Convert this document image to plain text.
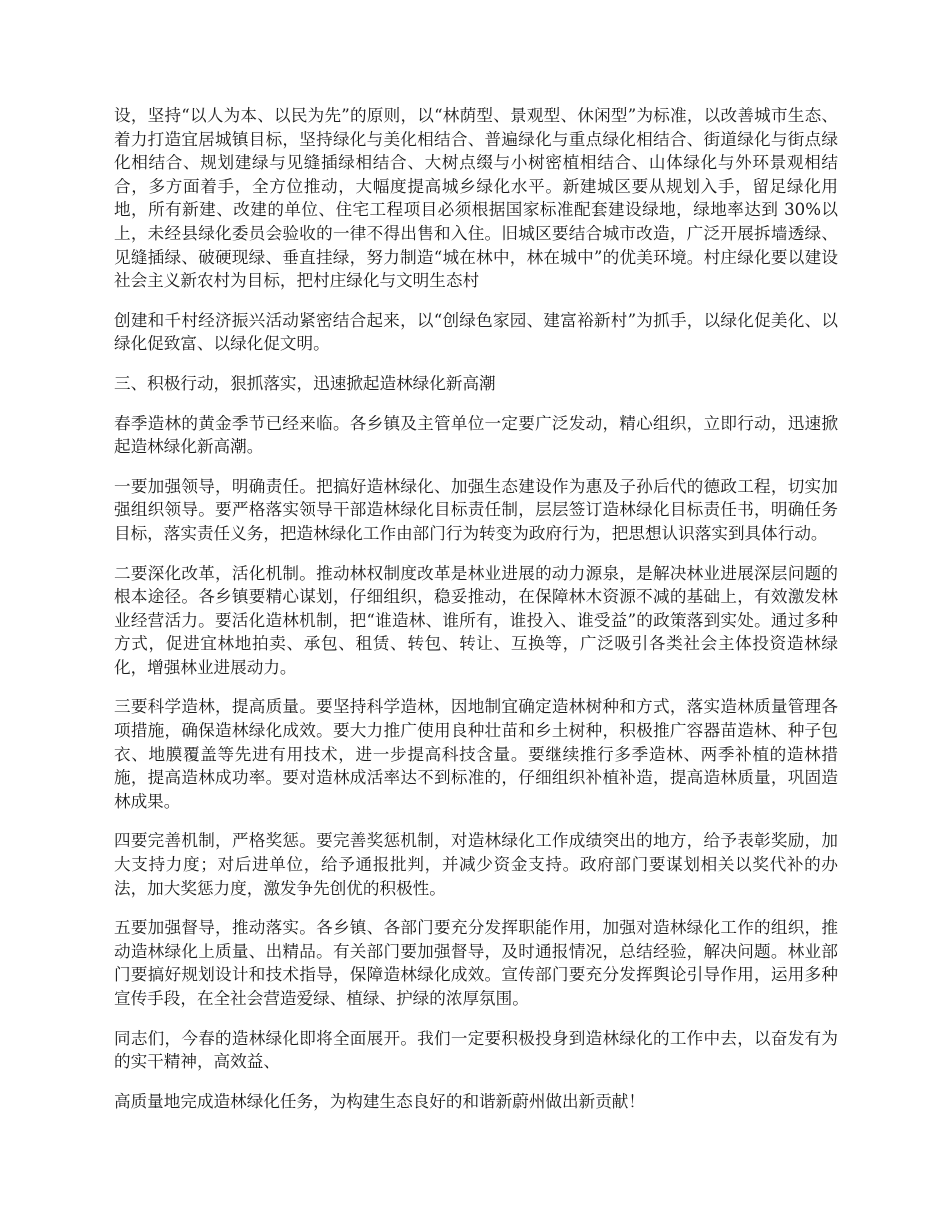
设，坚持“以人为本、以民为先”的原则，以“林荫型、景观型、休闲型”为标准，以改善城市生态、着力打造宜居城镇目标，坚持绿化与美化相结合、普遍绿化与重点绿化相结合、街道绿化与街点绿化相结合、规划建绿与见缝插绿相结合、大树点缀与小树密植相结合、山体绿化与外环景观相结合，多方面着手，全方位推动，大幅度提高城乡绿化水平。新建城区要从规划入手，留足绿化用地，所有新建、改建的单位、住宅工程项目必须根据国家标准配套建设绿地，绿地率达到 30%以上，未经县绿化委员会验收的一律不得出售和入住。旧城区要结合城市改造，广泛开展拆墙透绿、见缝插绿、破硬现绿、垂直挂绿，努力制造“城在林中，林在城中”的优美环境。村庄绿化要以建设社会主义新农村为目标，把村庄绿化与文明生态村

创建和千村经济振兴活动紧密结合起来，以“创绿色家园、建富裕新村”为抓手，以绿化促美化、以绿化促致富、以绿化促文明。

三、积极行动，狠抓落实，迅速掀起造林绿化新高潮

春季造林的黄金季节已经来临。各乡镇及主管单位一定要广泛发动，精心组织，立即行动，迅速掀起造林绿化新高潮。

一要加强领导，明确责任。把搞好造林绿化、加强生态建设作为惠及子孙后代的德政工程，切实加强组织领导。要严格落实领导干部造林绿化目标责任制，层层签订造林绿化目标责任书，明确任务目标，落实责任义务，把造林绿化工作由部门行为转变为政府行为，把思想认识落实到具体行动。

二要深化改革，活化机制。推动林权制度改革是林业进展的动力源泉，是解决林业进展深层问题的根本途径。各乡镇要精心谋划，仔细组织，稳妥推动，在保障林木资源不减的基础上，有效激发林业经营活力。要活化造林机制，把“谁造林、谁所有，谁投入、谁受益”的政策落到实处。通过多种方式，促进宜林地拍卖、承包、租赁、转包、转让、互换等，广泛吸引各类社会主体投资造林绿化，增强林业进展动力。

三要科学造林，提高质量。要坚持科学造林，因地制宜确定造林树种和方式，落实造林质量管理各项措施，确保造林绿化成效。要大力推广使用良种壮苗和乡土树种，积极推广容器苗造林、种子包衣、地膜覆盖等先进有用技术，进一步提高科技含量。要继续推行多季造林、两季补植的造林措施，提高造林成功率。要对造林成活率达不到标准的，仔细组织补植补造，提高造林质量，巩固造林成果。

四要完善机制，严格奖惩。要完善奖惩机制，对造林绿化工作成绩突出的地方，给予表彰奖励，加大支持力度；对后进单位，给予通报批判，并减少资金支持。政府部门要谋划相关以奖代补的办法，加大奖惩力度，激发争先创优的积极性。

五要加强督导，推动落实。各乡镇、各部门要充分发挥职能作用，加强对造林绿化工作的组织，推动造林绿化上质量、出精品。有关部门要加强督导，及时通报情况，总结经验，解决问题。林业部门要搞好规划设计和技术指导，保障造林绿化成效。宣传部门要充分发挥舆论引导作用，运用多种宣传手段，在全社会营造爱绿、植绿、护绿的浓厚氛围。

同志们，今春的造林绿化即将全面展开。我们一定要积极投身到造林绿化的工作中去，以奋发有为的实干精神，高效益、

高质量地完成造林绿化任务，为构建生态良好的和谐新蔚州做出新贡献！
